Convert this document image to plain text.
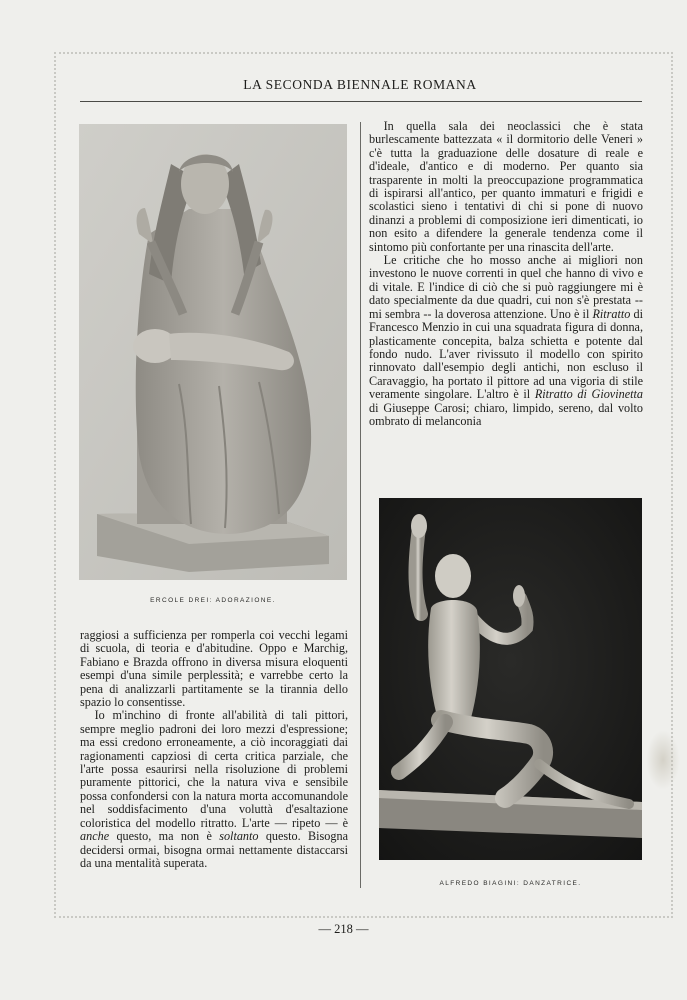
LA SECONDA BIENNALE ROMANA
ERCOLE DREI: ADORAZIONE.

In quella sala dei neoclassici che è stata burlescamente battezzata « il dormitorio delle Veneri » c'è tutta la graduazione delle dosature di reale e d'ideale, d'antico e di moderno. Per quanto sia trasparente in molti la preoccupazione programmatica di ispirarsi all'antico, per quanto immaturi e frigidi e scolastici sieno i tentativi di chi si pone di nuovo dinanzi a problemi di composizione ieri dimenticati, io non esito a difendere la generale tendenza come il sintomo più confortante per una rinascita dell'arte.

Le critiche che ho mosso anche ai migliori non investono le nuove correnti in quel che hanno di vivo e di vitale. E l'indice di ciò che si può raggiungere mi è dato specialmente da due quadri, cui non s'è prestata -- mi sembra -- la doverosa attenzione. Uno è il Ritratto di Francesco Menzio in cui una squadrata figura di donna, plasticamente concepita, balza schietta e potente dal fondo nudo. L'aver rivissuto il modello con spirito rinnovato dall'esempio degli antichi, non escluso il Caravaggio, ha portato il pittore ad una vigoria di stile veramente singolare. L'altro è il Ritratto di Giovinetta di Giuseppe Carosi; chiaro, limpido, sereno, dal volto ombrato di melanconia

ALFREDO BIAGINI: DANZATRICE.

raggiosi a sufficienza per romperla coi vecchi legami di scuola, di teoria e d'abitudine. Oppo e Marchig, Fabiano e Brazda offrono in diversa misura eloquenti esempi d'una simile perplessità; e varrebbe certo la pena di analizzarli partitamente se la tirannia dello spazio lo consentisse.

Io m'inchino di fronte all'abilità di tali pittori, sempre meglio padroni dei loro mezzi d'espressione; ma essi credono erroneamente, a ciò incoraggiati dai ragionamenti capziosi di certa critica parziale, che l'arte possa esaurirsi nella risoluzione di problemi puramente pittorici, che la natura viva e sensibile possa confondersi con la natura morta accomunandole nel soddisfacimento d'una voluttà d'esaltazione coloristica del modello ritratto. L'arte — ripeto — è anche questo, ma non è soltanto questo. Bisogna decidersi ormai, bisogna ormai nettamente distaccarsi da una mentalità superata.

— 218 —
